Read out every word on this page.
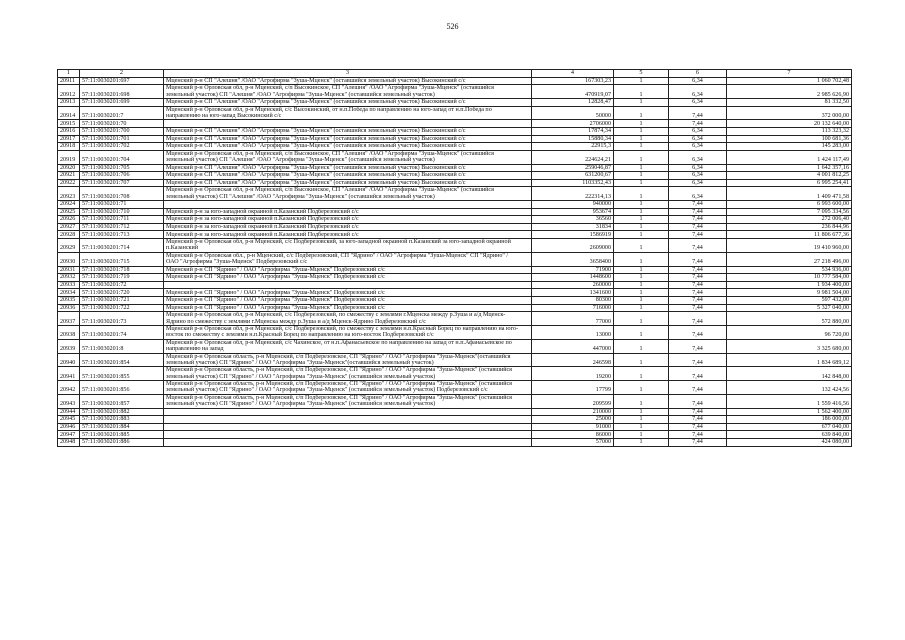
526
1	2	3	4	5	6	7
20911	57:11:0030201:697	Мценский р-н СП "Алешня" /ОАО "Агрофирма "Зуша-Мценск" (оставшийся земельный участок) Высокинский с/с	167303,23	1	6,34	1 060 702,48
20912	57:11:0030201:698	Мценский р-н Орловская обл, р-н Мценский, с/п Высокинское, СП "Алешня" /ОАО "Агрофирма "Зуша-Мценск" (оставшийся
земельный участок) СП "Алешня" /ОАО "Агрофирма "Зуша-Мценск" (оставшийся земельный участок)	470919,07	1	6,34	2 985 626,90
20913	57:11:0030201:699	Мценский р-н СП "Алешня" /ОАО "Агрофирма "Зуша-Мценск" (оставшийся земельный участок) Высокинский с/с	12828,47	1	6,34	81 332,50
20914	57:11:0030201:7	Мценский р-н Орловская обл, р-н Мценский, с/с Высокинский, от н.п.Победа по направлению на юго-запад от н.п.Победа по
направлению на юго-запад Высокинский с/с	50000	1	7,44	372 000,00
20915	57:11:0030201:70		2706000	1	7,44	20 132 640,00
20916	57:11:0030201:700	Мценский р-н СП "Алешня" /ОАО "Агрофирма "Зуша-Мценск" (оставшийся земельный участок) Высокинский с/с	17874,34	1	6,34	113 323,32
20917	57:11:0030201:701	Мценский р-н СП "Алешня" /ОАО "Агрофирма "Зуша-Мценск" (оставшийся земельный участок) Высокинский с/с	15880,34	1	6,34	100 681,36
20918	57:11:0030201:702	Мценский р-н СП "Алешня" /ОАО "Агрофирма "Зуша-Мценск" (оставшийся земельный участок) Высокинский с/с	22915,3	1	6,34	145 283,00
20919	57:11:0030201:704	Мценский р-н Орловская обл, р-н Мценский, с/п Высокинское, СП "Алешня" /ОАО "Агрофирма "Зуша-Мценск" (оставшийся
земельный участок) СП "Алешня" /ОАО "Агрофирма "Зуша-Мценск" (оставшийся земельный участок)	224624,21	1	6,34	1 424 117,49
20920	57:11:0030201:705	Мценский р-н СП "Алешня" /ОАО "Агрофирма "Зуша-Мценск" (оставшийся земельный участок) Высокинский с/с	259046,87	1	6,34	1 642 357,16
20921	57:11:0030201:706	Мценский р-н СП "Алешня" /ОАО "Агрофирма "Зуша-Мценск" (оставшийся земельный участок) Высокинский с/с	631200,67	1	6,34	4 001 812,25
20922	57:11:0030201:707	Мценский р-н СП "Алешня" /ОАО "Агрофирма "Зуша-Мценск" (оставшийся земельный участок) Высокинский с/с	1103352,43	1	6,34	6 995 254,41
20923	57:11:0030201:708	Мценский р-н Орловская обл, р-н Мценский, с/п Высокинское, СП "Алешня" /ОАО "Агрофирма "Зуша-Мценск" (оставшийся
земельный участок) СП "Алешня" /ОАО "Агрофирма "Зуша-Мценск" (оставшийся земельный участок)	222314,13	1	6,34	1 409 471,58
20924	57:11:0030201:71		940000	1	7,44	6 993 600,00
20925	57:11:0030201:710	Мценский р-н за юго-западной окраиной п.Казанский Подберезовский с/с	953674	1	7,44	7 095 334,56
20926	57:11:0030201:711	Мценский р-н за юго-западной окраиной п.Казанский Подберезовский с/с	36560	1	7,44	272 006,40
20927	57:11:0030201:712	Мценский р-н за юго-западной окраиной п.Казанский Подберезовский с/с	31834	1	7,44	236 844,96
20928	57:11:0030201:713	Мценский р-н за юго-западной окраиной п.Казанский Подберезовский с/с	1586919	1	7,44	11 806 677,36
20929	57:11:0030201:714	Мценский р-н Орловская обл, р-н Мценский, с/с Подберезовский, за юго-западной окраиной п.Казанский за юго-западной окраиной
п.Казанский	2609000	1	7,44	19 410 960,00
20930	57:11:0030201:715	Мценский р-н Орловская обл., р-н Мценский, с/с Подберезовский, СП "Ядрино" / ОАО "Агрофирма "Зуша-Мценск" СП "Ядрино" /
ОАО "Агрофирма "Зуша-Мценск" Подберезовский с/с	3658400	1	7,44	27 218 496,00
20931	57:11:0030201:718	Мценский р-н СП "Ядрино" / ОАО "Агрофирма "Зуша-Мценск" Подберезовский с/с	71900	1	7,44	534 936,00
20932	57:11:0030201:719	Мценский р-н СП "Ядрино" / ОАО "Агрофирма "Зуша-Мценск" Подберезовский с/с	1448600	1	7,44	10 777 584,00
20933	57:11:0030201:72		260000	1	7,44	1 934 400,00
20934	57:11:0030201:720	Мценский р-н СП "Ядрино" / ОАО "Агрофирма "Зуша-Мценск" Подберезовский с/с	1341600	1	7,44	9 981 504,00
20935	57:11:0030201:721	Мценский р-н СП "Ядрино" / ОАО "Агрофирма "Зуша-Мценск" Подберезовский с/с	80300	1	7,44	597 432,00
20936	57:11:0030201:722	Мценский р-н СП "Ядрино" / ОАО "Агрофирма "Зуша-Мценск" Подберезовский с/с	716000	1	7,44	5 327 040,00
20937	57:11:0030201:73	Мценский р-н Орловская обл, р-н Мценский, с/с Подберезовский, по смежеству с землями г.Мценска между р.Зуша и а/д Мценск-
Ядрино по смежеству с землями г.Мценска между р.Зуша и а/д Мценск-Ядрино Подберезовский с/с	77000	1	7,44	572 880,00
20938	57:11:0030201:74	Мценский р-н Орловская обл, р-н Мценский, с/с Подберезовский, по смежеству с землями н.п.Красный Борец по направлению на юго-
восток по смежеству с землями н.п.Красный Борец по направлению на юго-восток Подберезовский с/с	13000	1	7,44	96 720,00
20939	57:11:0030201:8	Мценский р-н Орловская обл, р-н Мценский, с/с Чахинское, от н.п.Афанасьевское по направлению на запад от н.п.Афанасьевское по
направлению на запад	447000	1	7,44	3 325 680,00
20940	57:11:0030201:854	Мценский р-н Орловская область, р-н Мценский, с/п Подберезовское, СП "Ядрино" / ОАО "Агрофирма "Зуша-Мценск"(оставшийся
земельный участок) СП "Ядрино" / ОАО "Агрофирма "Зуша-Мценск"(оставшийся земельный участок)	246598	1	7,44	1 834 689,12
20941	57:11:0030201:855	Мценский р-н Орловская область, р-н Мценский, с/п Подберезовское, СП "Ядрино" / ОАО "Агрофирма "Зуша-Мценск" (оставшийся
земельный участок) СП "Ядрино" / ОАО "Агрофирма "Зуша-Мценск" (оставшийся земельный участок)	19200	1	7,44	142 848,00
20942	57:11:0030201:856	Мценский р-н Орловская область, р-н Мценский, с/п Подберезовское, СП "Ядрино" / ОАО "Агрофирма "Зуша-Мценск" (оставшийся
земельный участок) СП "Ядрино" / ОАО "Агрофирма "Зуша-Мценск" (оставшийся земельный участок) Подберезовский с/с	17799	1	7,44	132 424,56
20943	57:11:0030201:857	Мценский р-н Орловская область, р-н Мценский, с/п Подберезовское, СП "Ядрино" / ОАО "Агрофирма "Зуша-Мценск" (оставшийся
земельный участок) СП "Ядрино" / ОАО "Агрофирма "Зуша-Мценск" (оставшийся земельный участок)	209599	1	7,44	1 559 416,56
20944	57:11:0030201:882		210000	1	7,44	1 562 400,00
20945	57:11:0030201:883		25000	1	7,44	186 000,00
20946	57:11:0030201:884		91000	1	7,44	677 040,00
20947	57:11:0030201:885		86000	1	7,44	639 840,00
20948	57:11:0030201:886		57000	1	7,44	424 080,00
